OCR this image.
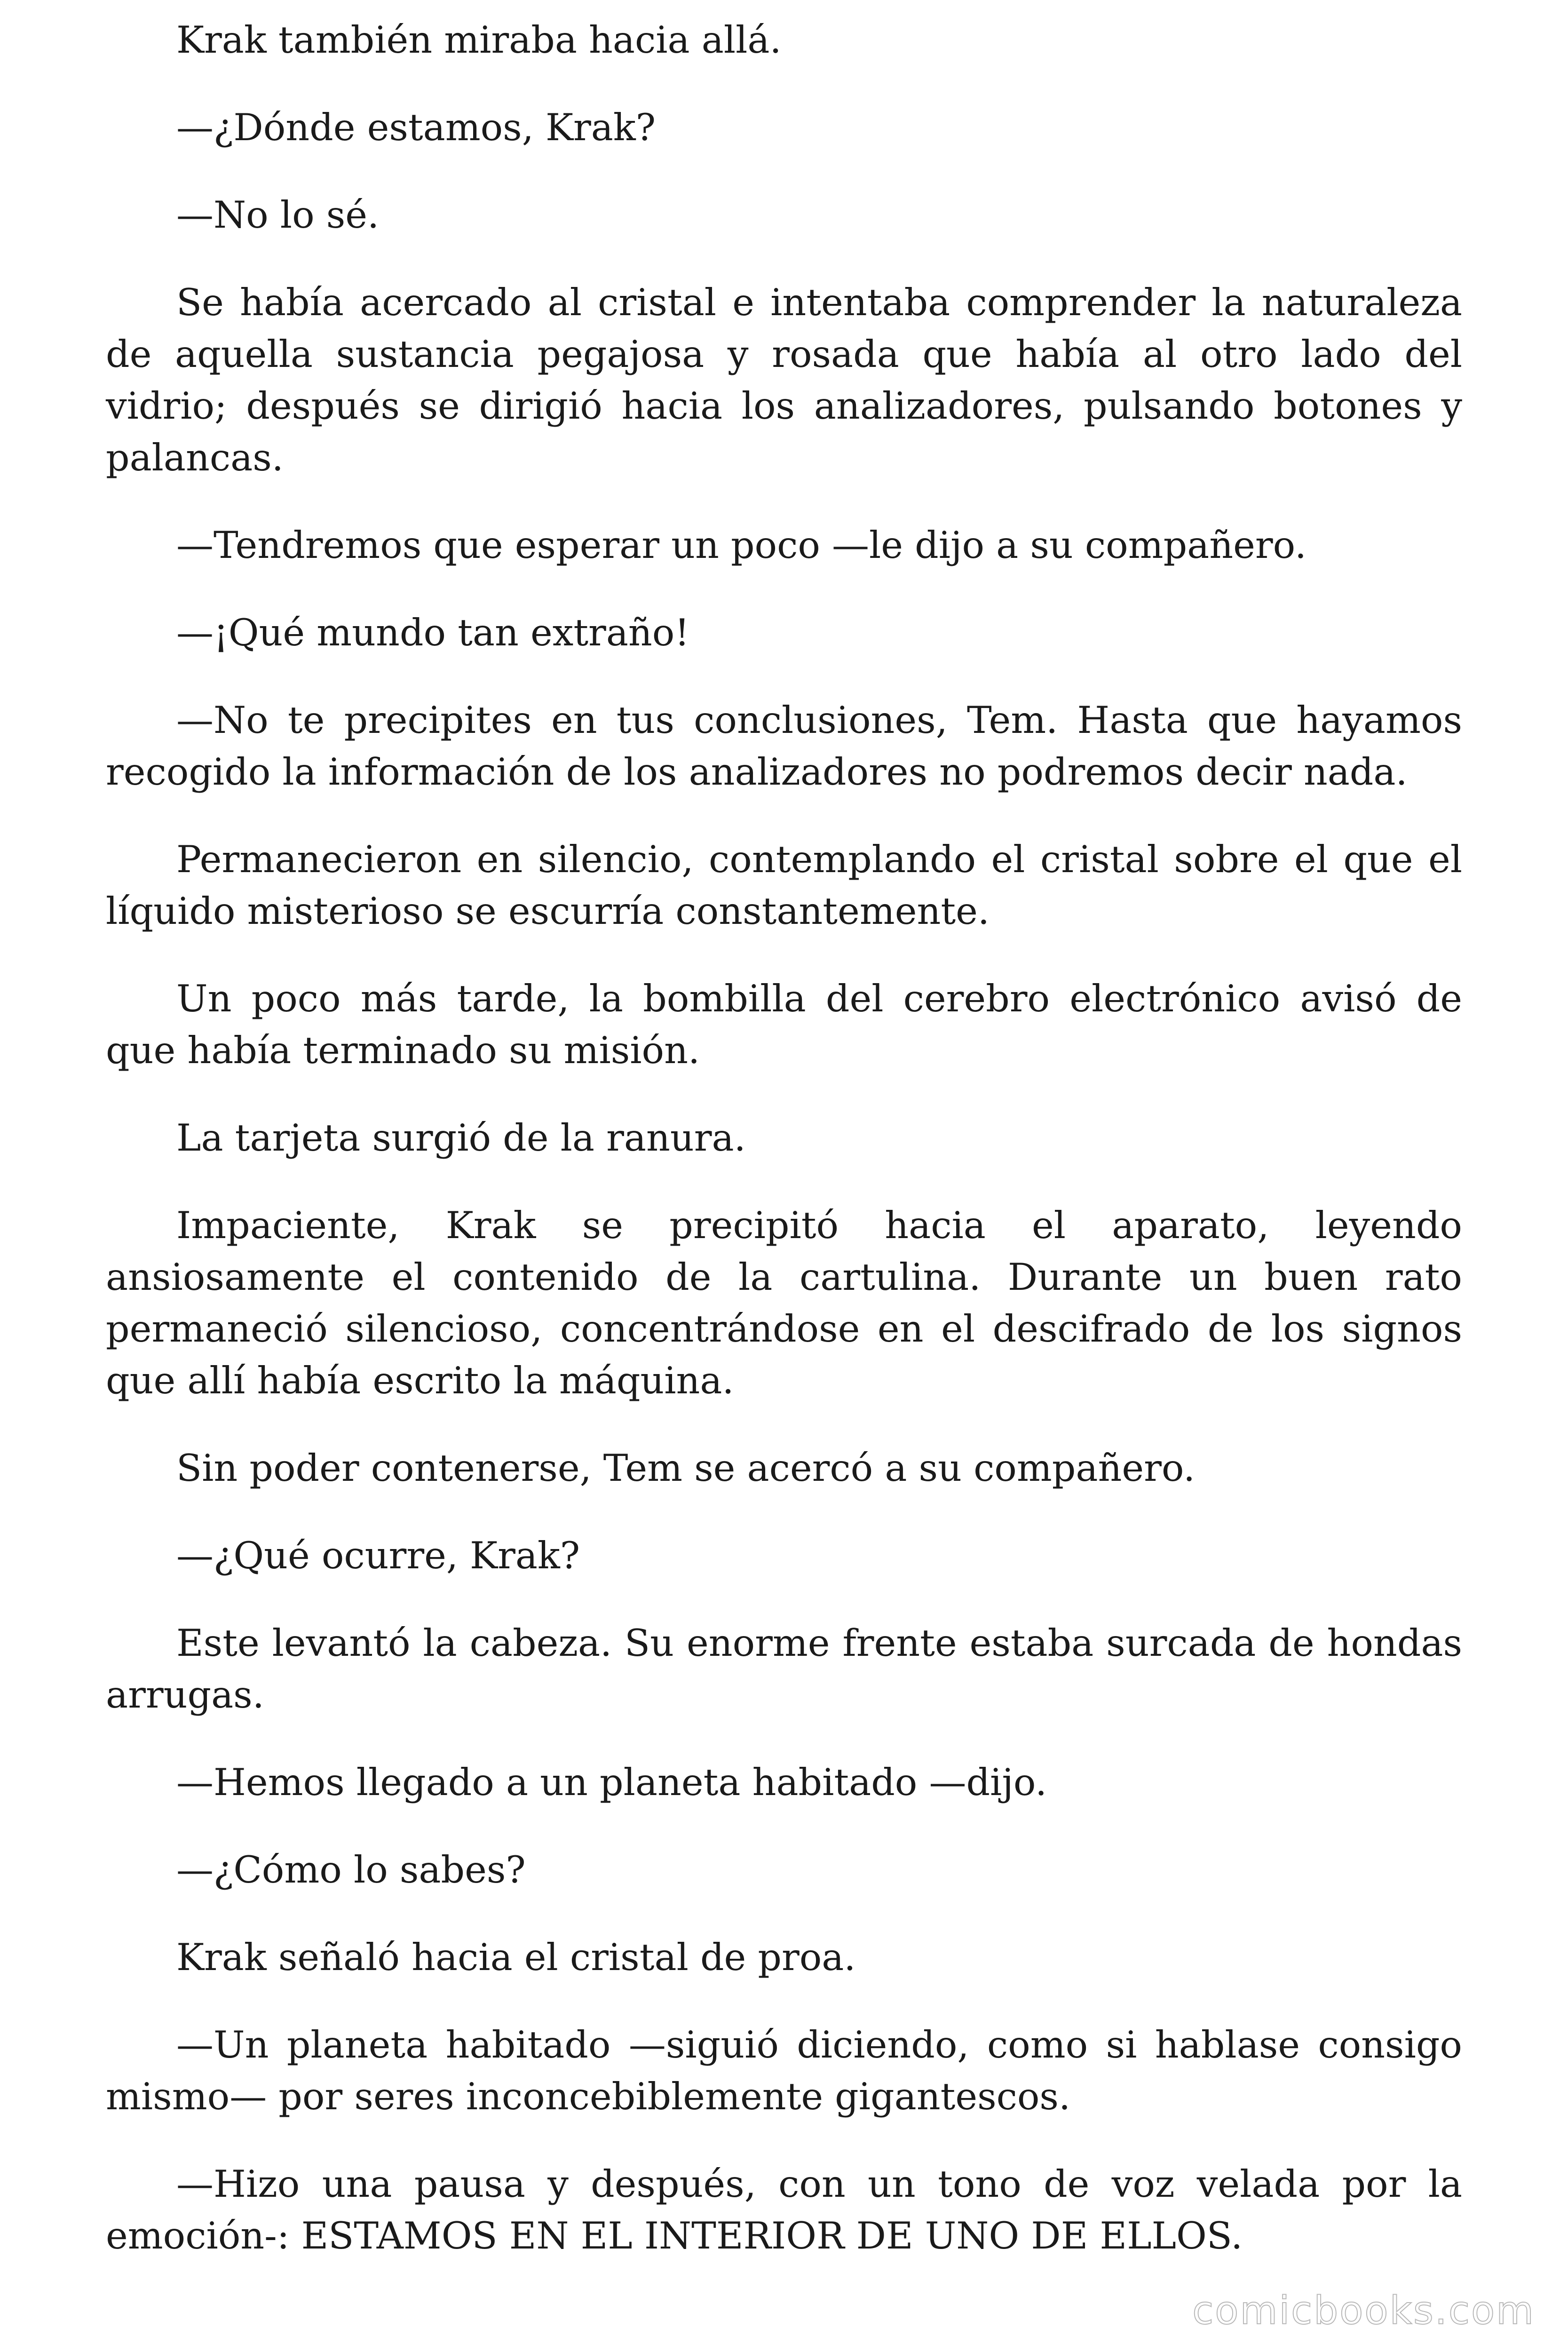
Krak también miraba hacia allá.

—¿Dónde estamos, Krak?

—No lo sé.

Se había acercado al cristal e intentaba comprender la naturaleza de aquella sustancia pegajosa y rosada que había al otro lado del vidrio; después se dirigió hacia los analizadores, pulsando botones y palancas.

—Tendremos que esperar un poco —le dijo a su compañero.

—¡Qué mundo tan extraño!

—No te precipites en tus conclusiones, Tem. Hasta que hayamos recogido la información de los analizadores no podremos decir nada.

Permanecieron en silencio, contemplando el cristal sobre el que el líquido misterioso se escurría constantemente.

Un poco más tarde, la bombilla del cerebro electrónico avisó de que había terminado su misión.

La tarjeta surgió de la ranura.

Impaciente, Krak se precipitó hacia el aparato, leyendo ansiosamente el contenido de la cartulina. Durante un buen rato permaneció silencioso, concentrándose en el descifrado de los signos que allí había escrito la máquina.

Sin poder contenerse, Tem se acercó a su compañero.

—¿Qué ocurre, Krak?

Este levantó la cabeza. Su enorme frente estaba surcada de hondas arrugas.

—Hemos llegado a un planeta habitado —dijo.

—¿Cómo lo sabes?

Krak señaló hacia el cristal de proa.

—Un planeta habitado —siguió diciendo, como si hablase consigo mismo— por seres inconcebiblemente gigantescos.

—Hizo una pausa y después, con un tono de voz velada por la emoción-: ESTAMOS EN EL INTERIOR DE UNO DE ELLOS.

comicbooks.com
